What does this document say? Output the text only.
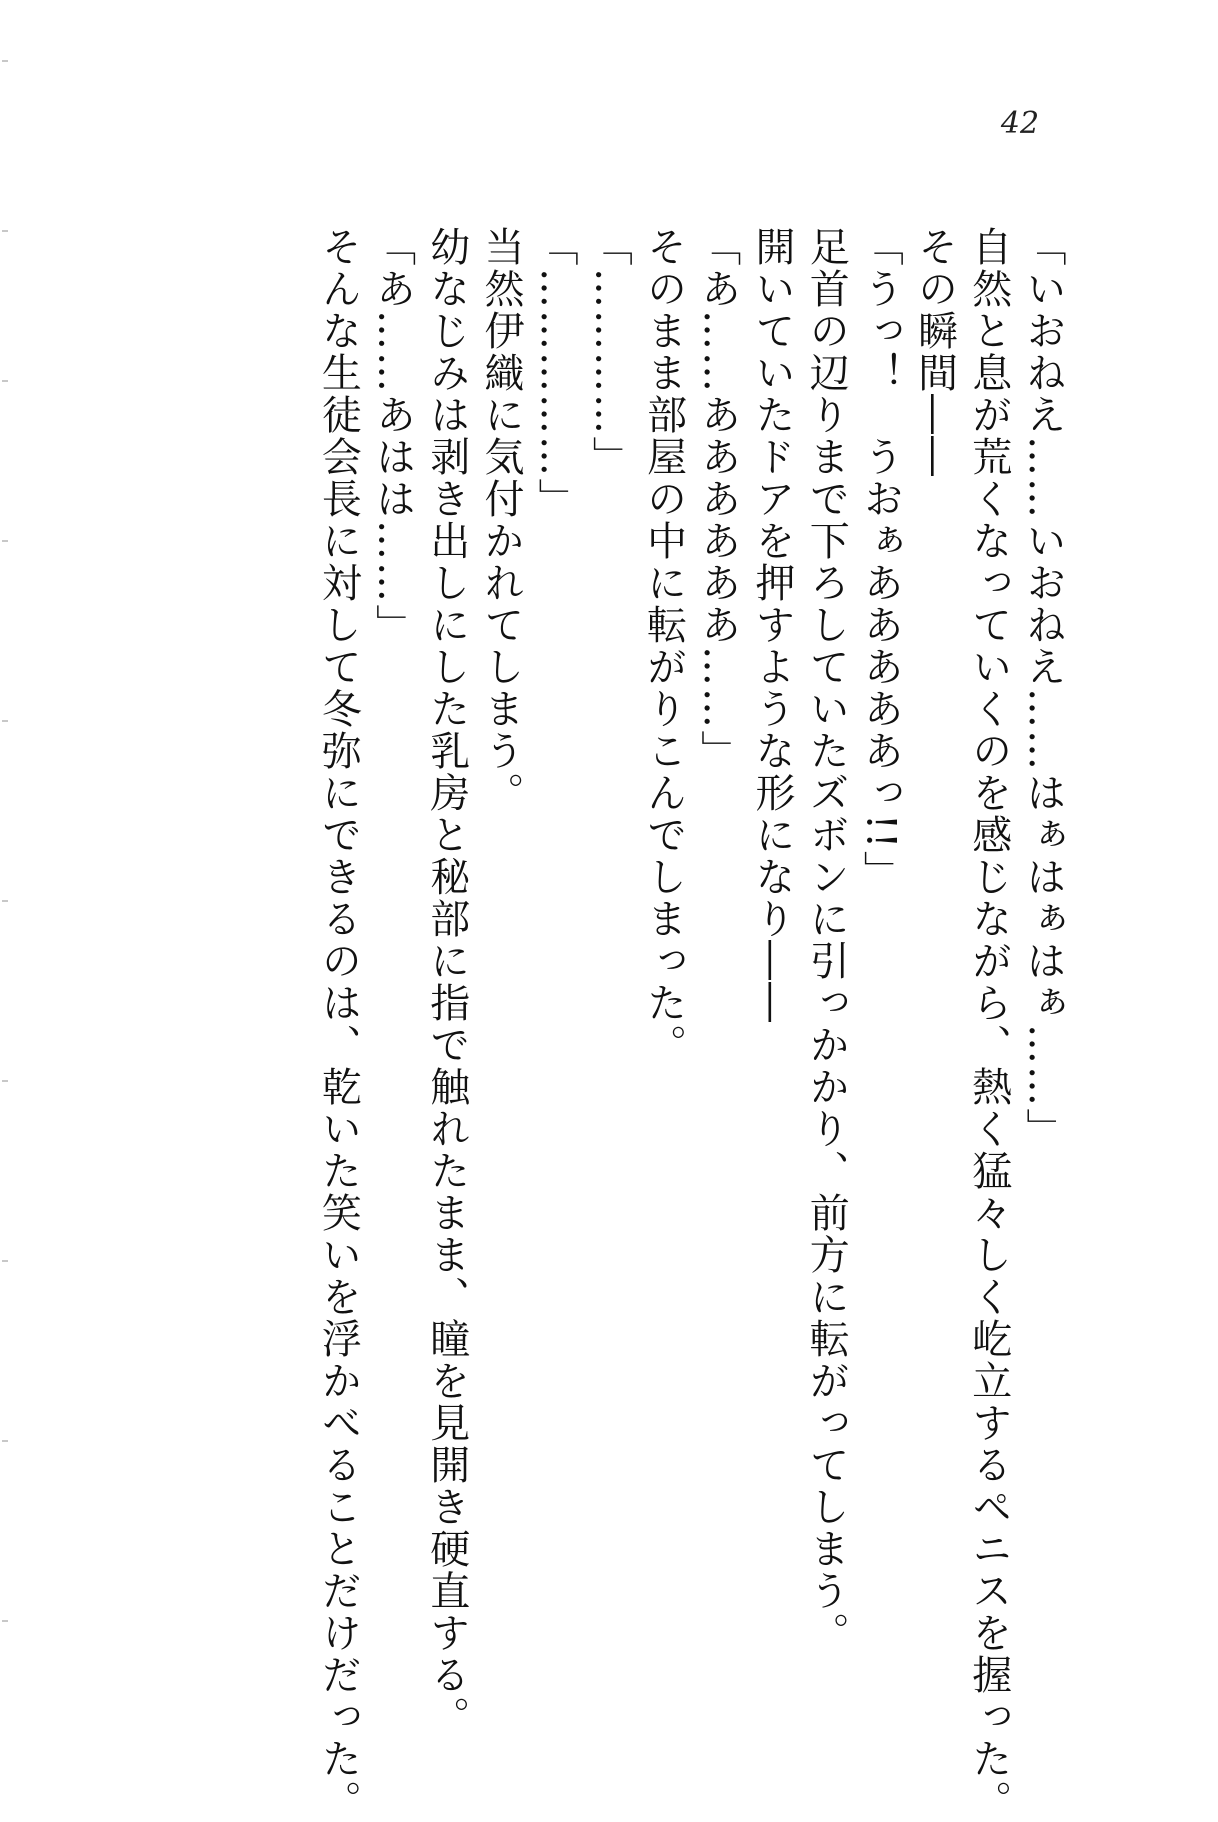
42
「いおねえ……いおねえ……はぁはぁはぁ……」
自然と息が荒くなっていくのを感じながら、熱く猛々しく屹立するペニスを握った。
その瞬間――
「うっ！　うおぁあああああっ!!」
足首の辺りまで下ろしていたズボンに引っかかり、前方に転がってしまう。
開いていたドアを押すような形になり――
「あ……ああああああ……」
そのまま部屋の中に転がりこんでしまった。
「…………」
「……………」
当然伊織に気付かれてしまう。
幼なじみは剥き出しにした乳房と秘部に指で触れたまま、瞳を見開き硬直する。
「あ……あはは……」
そんな生徒会長に対して冬弥にできるのは、乾いた笑いを浮かべることだけだった。
